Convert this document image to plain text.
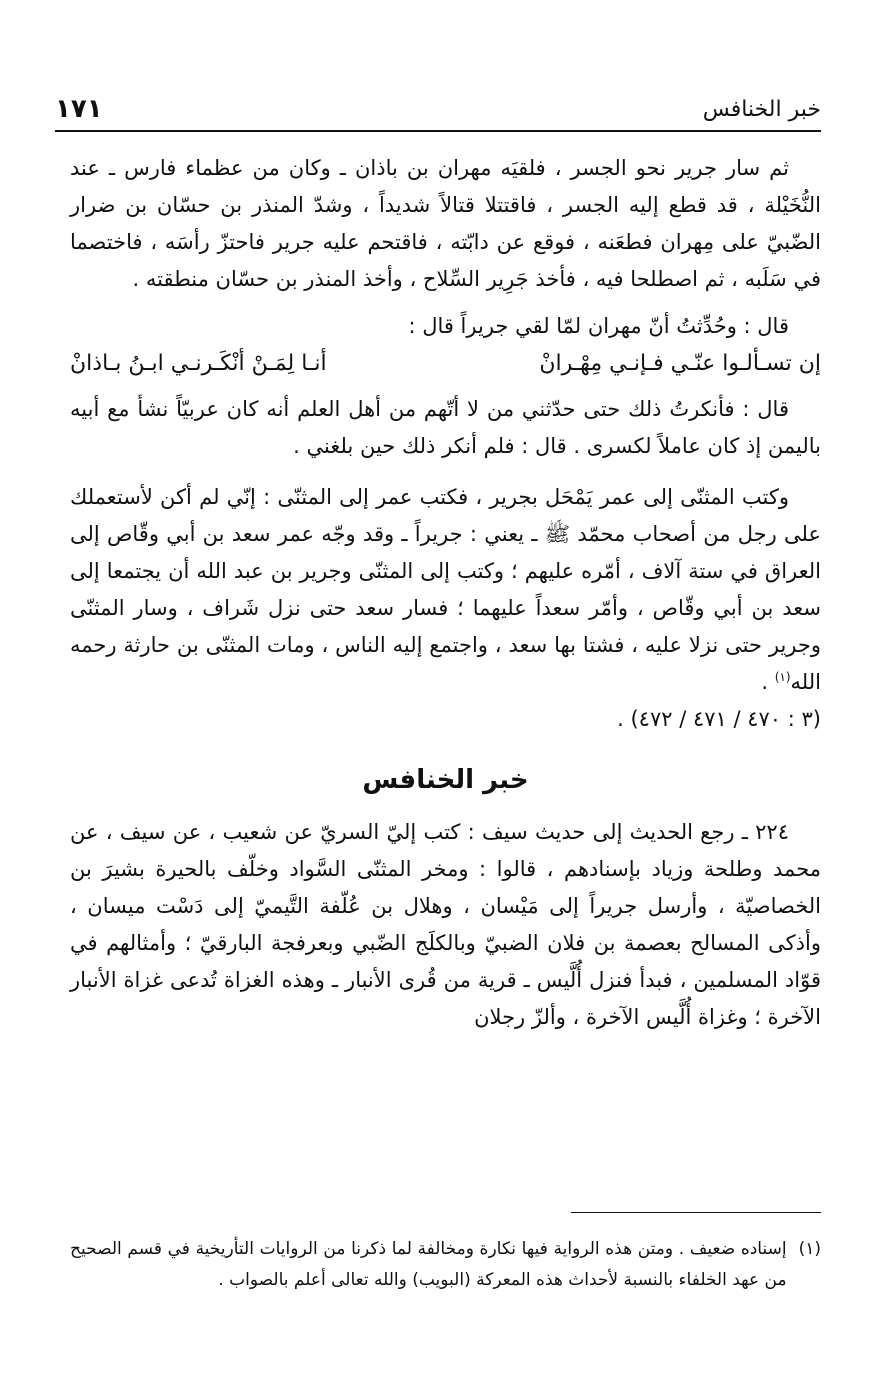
خبر الخنافس
١٧١

ثم سار جرير نحو الجسر ، فلقيَه مهران بن باذان ـ وكان من عظماء فارس ـ عند النُّخَيْلة ، قد قطع إليه الجسر ، فاقتتلا قتالاً شديداً ، وشدّ المنذر بن حسّان بن ضرار الضّبيّ على مِهران فطعَنه ، فوقع عن دابّته ، فاقتحم عليه جرير فاحتزّ رأسَه ، فاختصما في سَلَبه ، ثم اصطلحا فيه ، فأخذ جَرِير السِّلاح ، وأخذ المنذر بن حسّان منطقته .

قال : وحُدِّثتُ أنّ مهران لمّا لقي جريراً قال :

إن تسـألـوا عنّـي فـإنـي مِهْـرانْ
أنـا لِمَـنْ أنْكَـرنـي ابـنُ بـاذانْ

قال : فأنكرتُ ذلك حتى حدّثني من لا أتّهم من أهل العلم أنه كان عربيّاً نشأ مع أبيه باليمن إذ كان عاملاً لكسرى . قال : فلم أنكر ذلك حين بلغني .

وكتب المثنّى إلى عمر يَمْحَل بجرير ، فكتب عمر إلى المثنّى : إنّي لم أكن لأستعملك على رجل من أصحاب محمّد ﷺ ـ يعني : جريراً ـ وقد وجّه عمر سعد بن أبي وقّاص إلى العراق في ستة آلاف ، أمّره عليهم ؛ وكتب إلى المثنّى وجرير بن عبد الله أن يجتمعا إلى سعد بن أبي وقّاص ، وأمّر سعداً عليهما ؛ فسار سعد حتى نزل شَراف ، وسار المثنّى وجرير حتى نزلا عليه ، فشتا بها سعد ، واجتمع إليه الناس ، ومات المثنّى بن حارثة رحمه الله$^{(١)}$ .

(٣ : ٤٧٠ / ٤٧١ / ٤٧٢) .

خبر الخنافس

٢٢٤ ـ رجع الحديث إلى حديث سيف : كتب إليّ السريّ عن شعيب ، عن سيف ، عن محمد وطلحة وزياد بإسنادهم ، قالوا : ومخر المثنّى السَّواد وخلّف بالحيرة بشيرَ بن الخصاصيّة ، وأرسل جريراً إلى مَيْسان ، وهلال بن عُلّفة التَّيميّ إلى دَسْت ميسان ، وأذكى المسالح بعصمة بن فلان الضبيّ وبالكلَج الضّبي وبعرفجة البارقيّ ؛ وأمثالهم في قوّاد المسلمين ، فبدأ فنزل أُلَّيس ـ قرية من قُرى الأنبار ـ وهذه الغزاة تُدعى غزاة الأنبار الآخرة ؛ وغزاة أُلَّيس الآخرة ، وألزّ رجلان

(١)
إسناده ضعيف . ومتن هذه الرواية فيها نكارة ومخالفة لما ذكرنا من الروايات التأريخية في قسم الصحيح من عهد الخلفاء بالنسبة لأحداث هذه المعركة (البويب) والله تعالى أعلم بالصواب .
